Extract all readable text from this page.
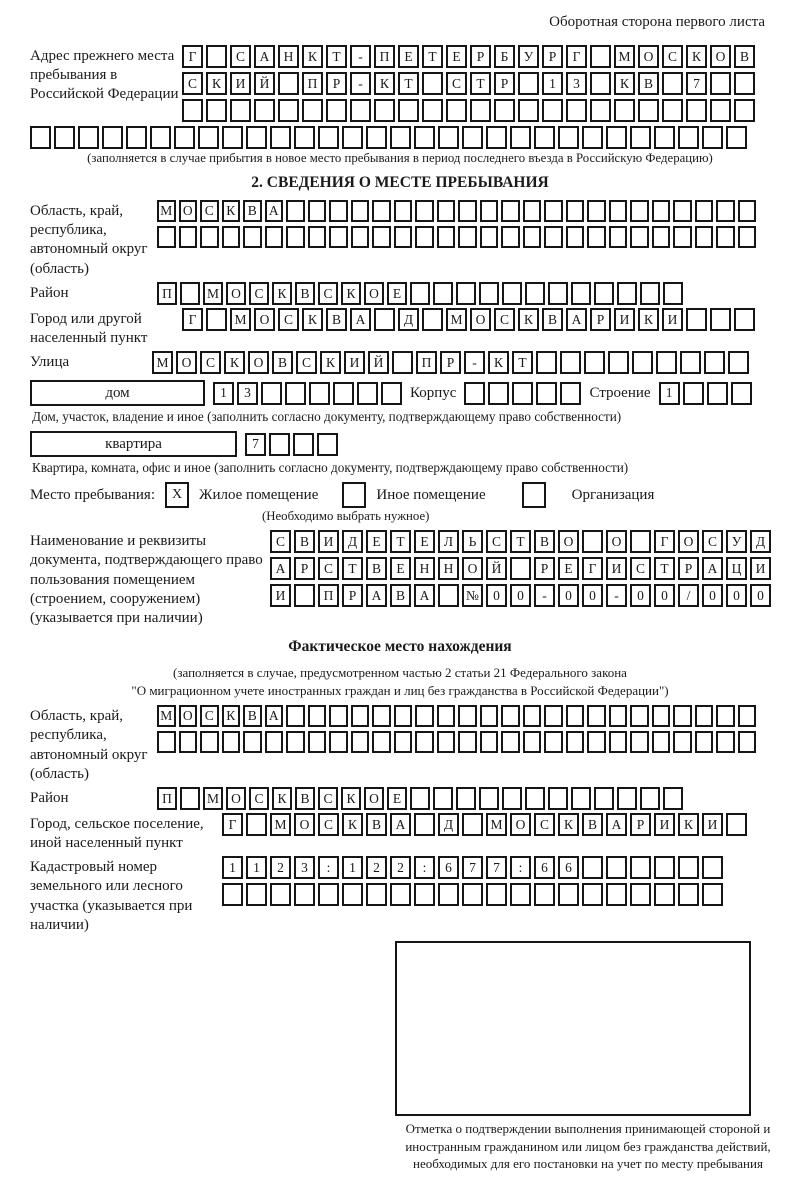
Оборотная сторона первого листа
Адрес прежнего места пребывания в Российской Федерации
Г	С	А	Н	К	Т	-	П	Е	Т	Е	Р	Б	У	Р	Г	М О	С	К	О	В
С	К	И	Й	П	Р	-	К	Т	С	Т	Р	1	3	К	В	7
(заполняется в случае прибытия в новое место пребывания в период последнего въезда в Российскую Федерацию)
2. СВЕДЕНИЯ О МЕСТЕ ПРЕБЫВАНИЯ
Область, край, республика, автономный округ (область)
М О С К В А
Район	П	М О	С	К	В	С	К	О	Е
Город или другой населенный пункт
Г	М О	С	К	В	А	Д	М О	С	К	В	А	Р	И	К	И
Улица	М О	С	К	О	В	С	К	И	Й	П	Р	-	К	Т
дом	1	3	Корпус	Строение	1
Дом, участок, владение и иное (заполнить согласно документу, подтверждающему право собственности)
квартира	7
Квартира, комната, офис и иное (заполнить согласно документу, подтверждающему право собственности)
Место пребывания:	X	Жилое помещение	Иное помещение	Организация
(Необходимо выбрать нужное)
Наименование и реквизиты документа, подтверждающего право пользования помещением (строением, сооружением) (указывается при наличии)
С	В	И	Д	Е	Т	Е	Л	Ь	С	Т	В	О	О	Г	О	С	У	Д
А	Р	С	Т	В	Е	Н	Н	О	Й	Р	Е	Г	И	С	Т	Р	А	Ц	И
И	П	Р	А	В	А	№	0	0	-	0	0	-	0	0	/	0	0	0
Фактическое место нахождения
(заполняется в случае, предусмотренном частью 2 статьи 21 Федерального закона
"О миграционном учете иностранных граждан и лиц без гражданства в Российской Федерации")
Область, край, республика, автономный округ (область)
М О С К В А
Район	П	М О	С	К	В	С	К	О	Е
Город, сельское поселение, иной населенный пункт
Г	М О	С	К	В	А	Д	М О	С	К	В	А	Р	И	К	И
Кадастровый номер земельного или лесного участка (указывается при наличии)
1	1	2	3	:	1	2	2	:	6	7	7	:	6	6
Отметка о подтверждении выполнения принимающей стороной и иностранным гражданином или лицом без гражданства действий, необходимых для его постановки на учет по месту пребывания
